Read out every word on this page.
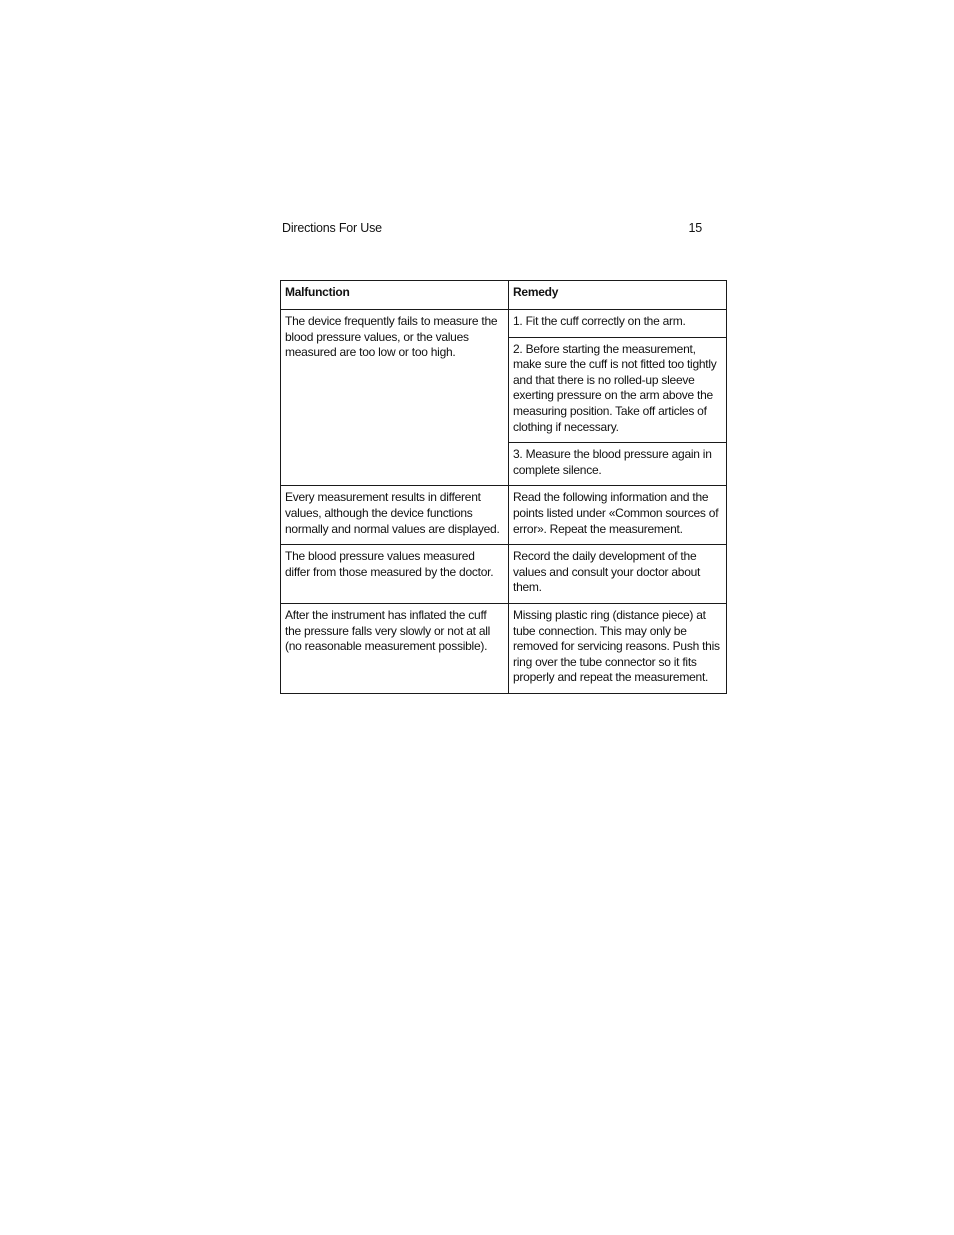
Directions For Use	15
Malfunction	Remedy
The device frequently fails to measure the blood pressure values, or the values measured are too low or too high.	1. Fit the cuff correctly on the arm.
	2. Before starting the measurement, make sure the cuff is not fitted too tightly and that there is no rolled-up sleeve exerting pressure on the arm above the measuring position. Take off articles of clothing if necessary.
	3. Measure the blood pressure again in complete silence.
Every measurement results in different values, although the device functions normally and normal values are displayed.	Read the following information and the points listed under «Common sources of error». Repeat the measurement.
The blood pressure values measured differ from those measured by the doctor.	Record the daily development of the values and consult your doctor about them.
After the instrument has inflated the cuff the pressure falls very slowly or not at all (no reasonable measurement possible).	Missing plastic ring (distance piece) at tube connection. This may only be removed for servicing reasons. Push this ring over the tube connector so it fits properly and repeat the measurement.
